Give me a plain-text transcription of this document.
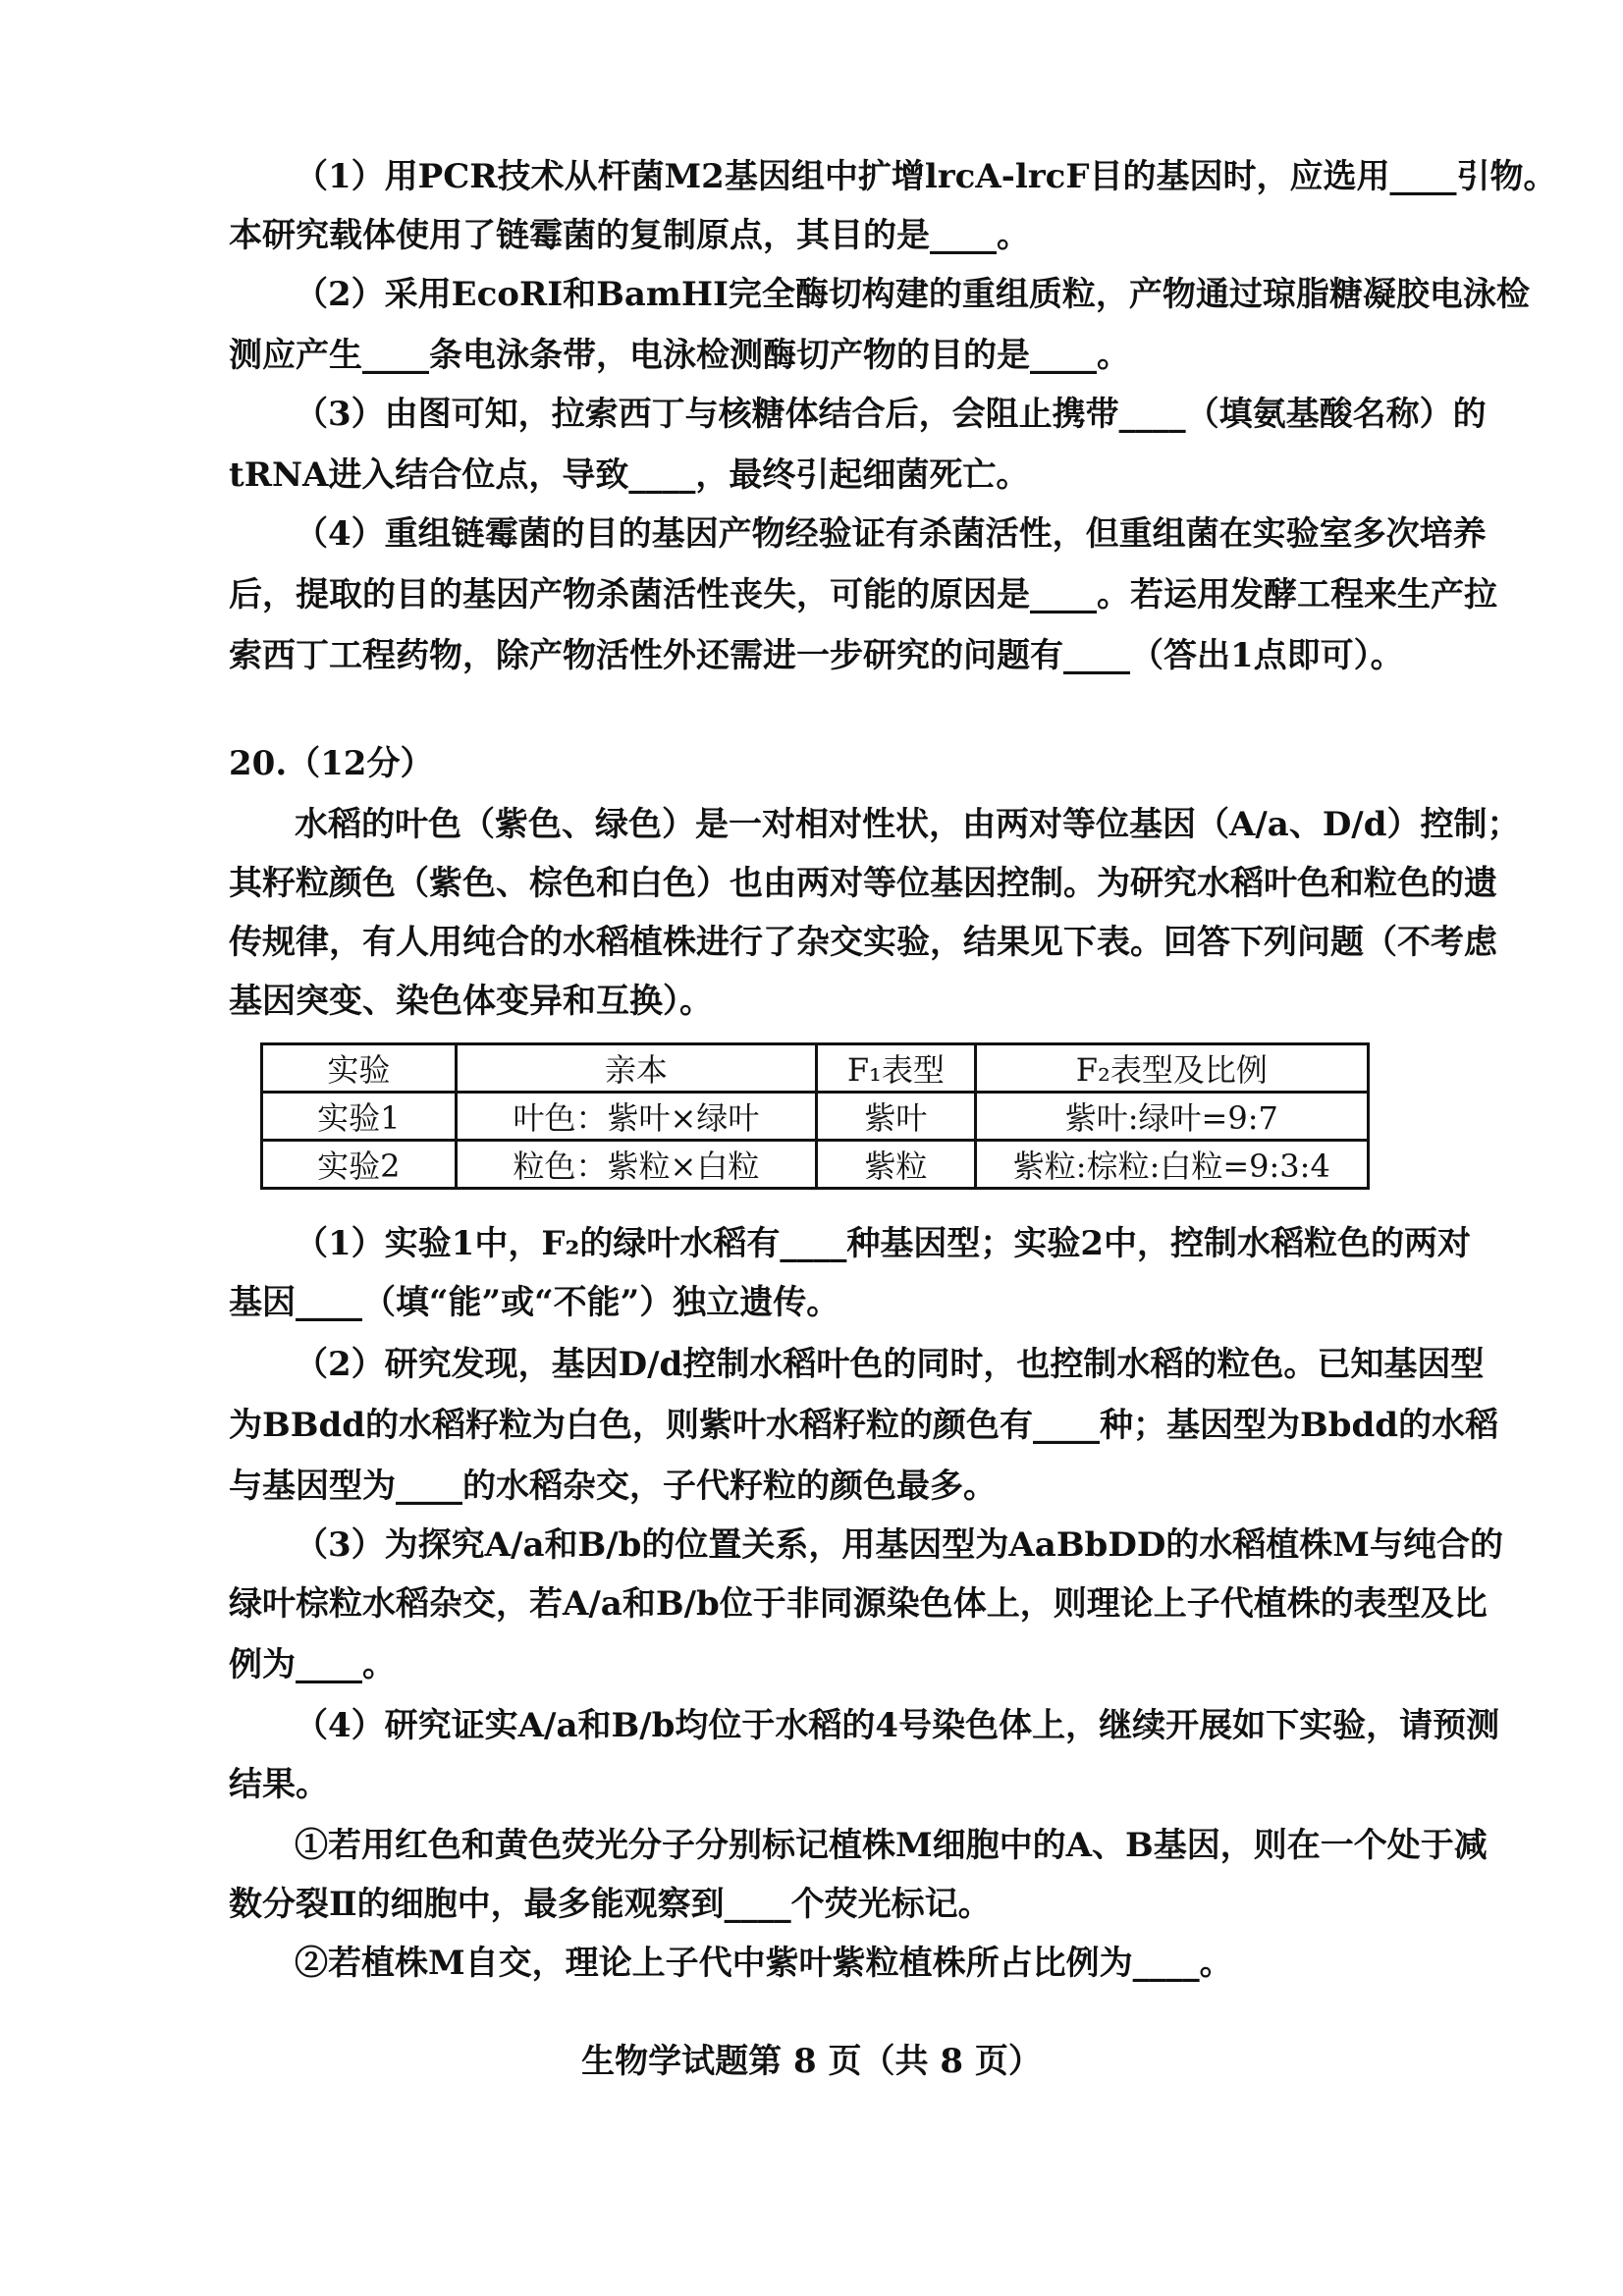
（1）用PCR技术从杆菌M2基因组中扩增lrcA-lrcF目的基因时，应选用____引物。
本研究载体使用了链霉菌的复制原点，其目的是____。
（2）采用EcoRⅠ和BamHⅠ完全酶切构建的重组质粒，产物通过琼脂糖凝胶电泳检
测应产生____条电泳条带，电泳检测酶切产物的目的是____。
（3）由图可知，拉索西丁与核糖体结合后，会阻止携带____（填氨基酸名称）的
tRNA进入结合位点，导致____，最终引起细菌死亡。
（4）重组链霉菌的目的基因产物经验证有杀菌活性，但重组菌在实验室多次培养
后，提取的目的基因产物杀菌活性丧失，可能的原因是____。若运用发酵工程来生产拉
索西丁工程药物，除产物活性外还需进一步研究的问题有____（答出1点即可）。
20.（12分）
水稻的叶色（紫色、绿色）是一对相对性状，由两对等位基因（A/a、D/d）控制；
其籽粒颜色（紫色、棕色和白色）也由两对等位基因控制。为研究水稻叶色和粒色的遗
传规律，有人用纯合的水稻植株进行了杂交实验，结果见下表。回答下列问题（不考虑
基因突变、染色体变异和互换）。
实验	亲本	F₁表型	F₂表型及比例
实验1	叶色：紫叶×绿叶	紫叶	紫叶:绿叶=9:7
实验2	粒色：紫粒×白粒	紫粒	紫粒:棕粒:白粒=9:3:4
（1）实验1中，F₂的绿叶水稻有____种基因型；实验2中，控制水稻粒色的两对
基因____（填“能”或“不能”）独立遗传。
（2）研究发现，基因D/d控制水稻叶色的同时，也控制水稻的粒色。已知基因型
为BBdd的水稻籽粒为白色，则紫叶水稻籽粒的颜色有____种；基因型为Bbdd的水稻
与基因型为____的水稻杂交，子代籽粒的颜色最多。
（3）为探究A/a和B/b的位置关系，用基因型为AaBbDD的水稻植株M与纯合的
绿叶棕粒水稻杂交，若A/a和B/b位于非同源染色体上，则理论上子代植株的表型及比
例为____。
（4）研究证实A/a和B/b均位于水稻的4号染色体上，继续开展如下实验，请预测
结果。
①若用红色和黄色荧光分子分别标记植株M细胞中的A、B基因，则在一个处于减
数分裂Ⅱ的细胞中，最多能观察到____个荧光标记。
②若植株M自交，理论上子代中紫叶紫粒植株所占比例为____。
生物学试题第 8 页（共 8 页）
